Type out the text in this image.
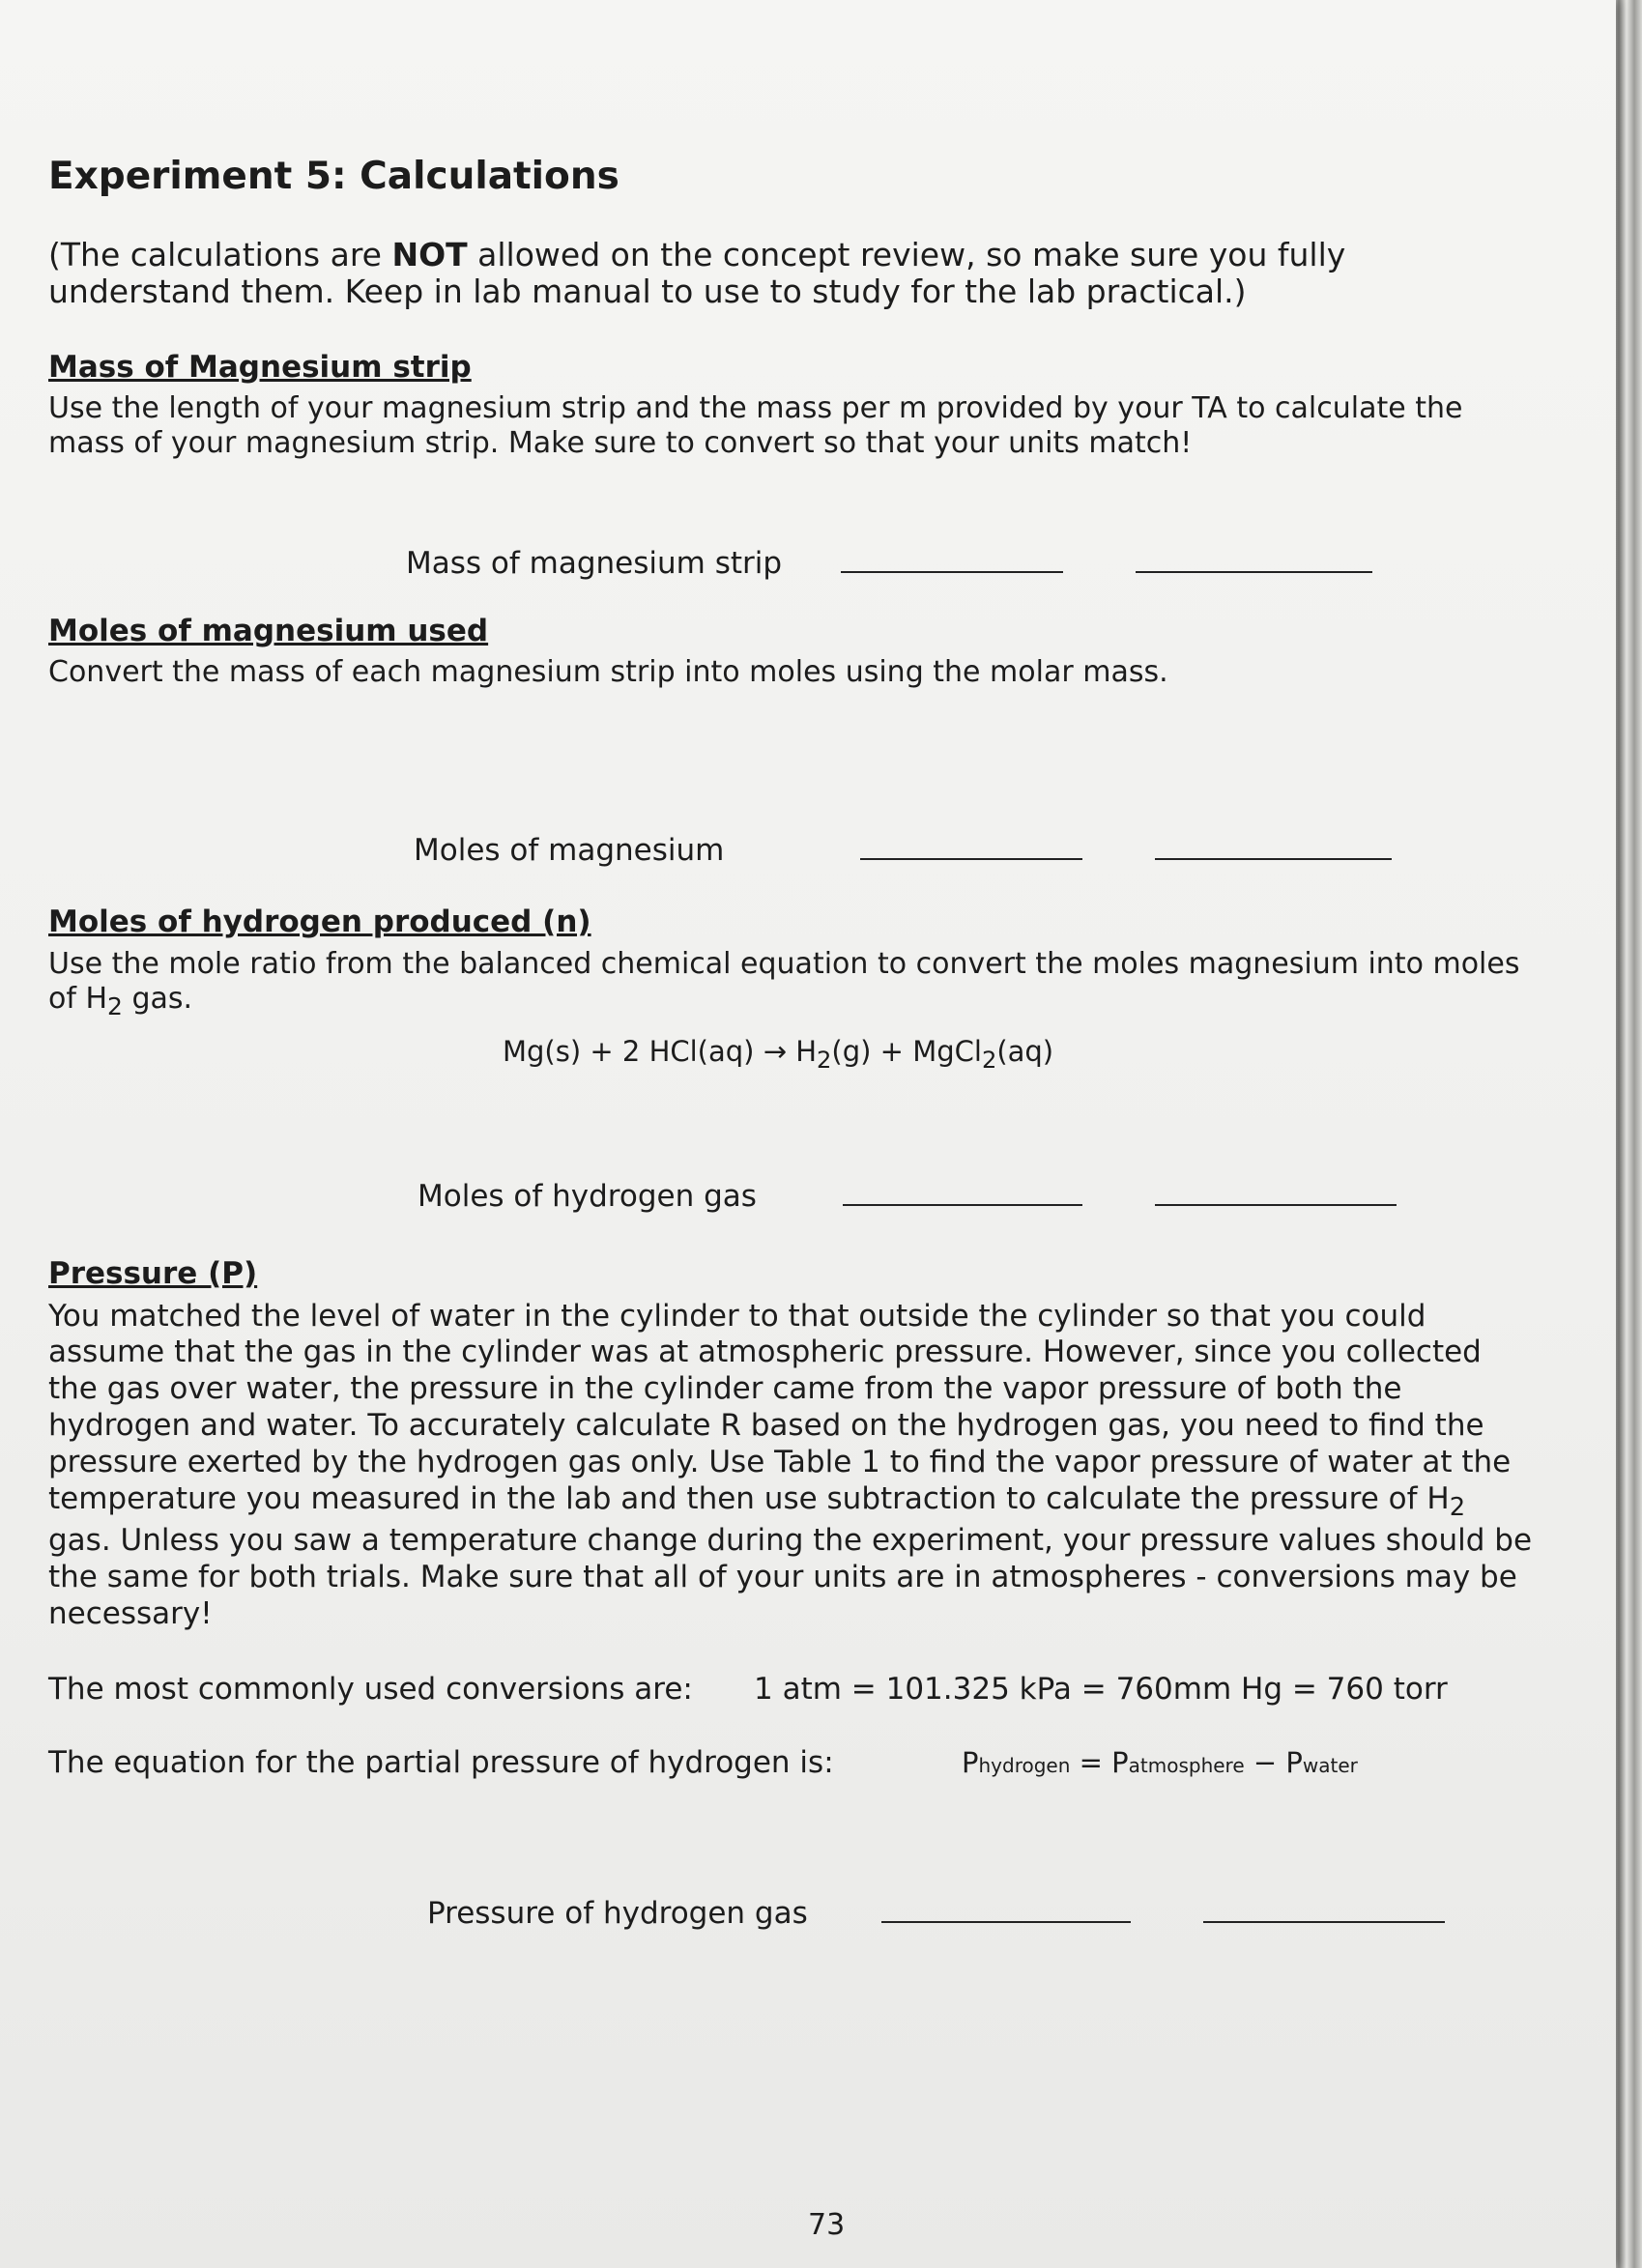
Experiment 5: Calculations

(The calculations are NOT allowed on the concept review, so make sure you fully understand them. Keep in lab manual to use to study for the lab practical.)

Mass of Magnesium strip

Use the length of your magnesium strip and the mass per m provided by your TA to calculate the mass of your magnesium strip. Make sure to convert so that your units match!

Mass of magnesium strip
Moles of magnesium used

Convert the mass of each magnesium strip into moles using the molar mass.

Moles of magnesium
Moles of hydrogen produced (n)

Use the mole ratio from the balanced chemical equation to convert the moles magnesium into moles of $H_2$ gas.

Mg(s) + 2 $HCl(aq) \to H_2(g)$ + MgCl$_2$(aq)

Moles of hydrogen gas
Pressure (P)

You matched the level of water in the cylinder to that outside the cylinder so that you could assume that the gas in the cylinder was at atmospheric pressure. However, since you collected the gas over water, the pressure in the cylinder came from the vapor pressure of both the hydrogen and water. To accurately calculate R based on the hydrogen gas, you need to find the pressure exerted by the hydrogen gas only. Use Table 1 to find the vapor pressure of water at the temperature you measured in the lab and then use subtraction to calculate the pressure of $H_2$ gas. Unless you saw a temperature change during the experiment, your pressure values should be the same for both trials. Make sure that all of your units are in atmospheres - conversions may be necessary!

The most commonly used conversions are:	1 atm = 101.325 kPa = 760mm Hg = 760 torr
The equation for the partial pressure of hydrogen is:	Phydrogen = Patmosphere − Pwater
Pressure of hydrogen gas
73
